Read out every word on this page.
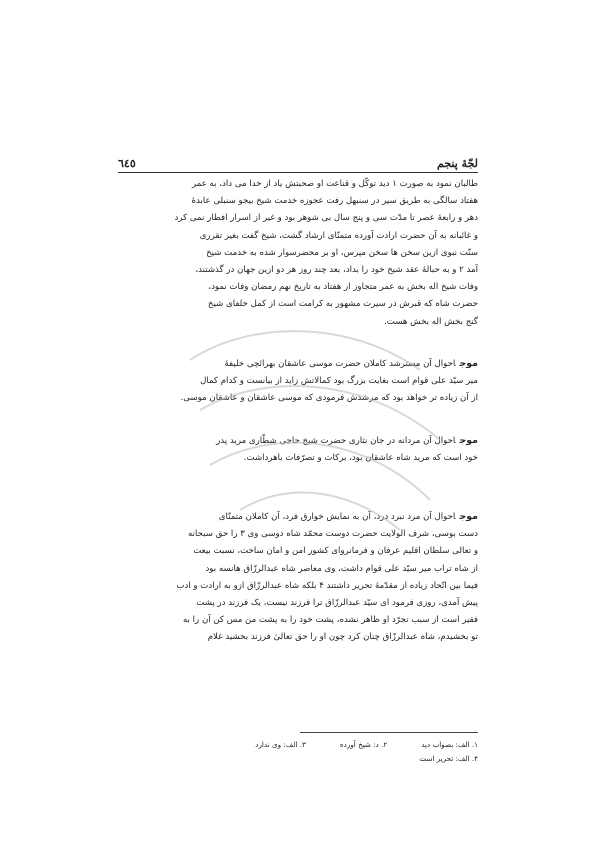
لجّهٔ پنجم
٦٤٥
طالبان نمود به صورت ۱ دید توکّل و قناعت او صحبتش یاد از خدا می داد، به عمر
هفتاد سالگی به طریق سیر در سنبهل رفت عجوزه خدمت شیخ بیجو سنبلی عابدهٔ
دهر و رابعهٔ عصر تا مدّت سی و پنج سال بی شوهر بود و غیر از اسرار افطار نمی کرد
و غائبانه به آن حضرت ارادت آورده متمنّای ارشاد گشت، شیخ گفت بغیر تقرری
سنّت نبوی ازین سخن ها سخن مپرس، او بر محضرسوار شده به خدمت شیخ
آمد ۲ و به حبالهٔ عقد شیخ خود را بداد، بعد چند روز هر دو ازین جهان در گذشتند،
وفات شیخ اله بخش به عمر متجاوز از هفتاد به تاریخ نهم رمضان وفات نمود،
حضرت شاه که قبرش در سیرت مشهور به کرامت است از کمل خلفای شیخ
گنج بخش اله بخش هست.
موجاحوال آن مسترشد کاملان حضرت موسی عاشقان بهرائچی خلیفهٔ
میر سیّد علی قوام است بغایت بزرگ بود کمالاتش زاید از بیانست و کدام کمال
از آن زیاده تر خواهد بود که مرشدش فرمودی که موسی عاشقان و عاشقان موسی.
موجاحوال آن مردانه در جان نثاری حضرت شیخ حاجی شطّاری مرید پدر
خود است که مرید شاه عاشقان بود، برکات و تصرّفات باهرداشت.
موجاحوال آن مرد نبرد درد، آن به نمایش خوارق فرد، آن کاملان متمنّای
دست بوسی، شرف الولایت حضرت دوست محمّد شاه دوسی وی ۳ را حق سبحانه
و تعالی سلطان اقلیم عرفان و فرمانروای کشور امن و امان ساخت، نسبت بیعت
از شاه تراب میر سیّد علی قوام داشت، وی معاصر شاه عبدالرزّاق هانسه بود
فیما بین اتّحاد زیاده از مقدّمهٔ تحریر داشتند ۴ بلکه شاه عبدالرزّاق ازو به ارادت و ادب
پیش آمدی، روزی فرمود ای سیّد عبدالرزّاق ترا فرزند نیست، یک فرزند در پشت
فقیر است از سبب تجرّد او ظاهر نشده، پشت خود را به پشت من مس کن آن را به
تو بخشیدم، شاه عبدالرزّاق چنان کرد چون او را حق تعالیٰ فرزند بخشید غلام
۱. الف: بصواب دید
۲. د: شیخ آورده
۳. الف: وی ندارد
۴. الف: تحریر است
